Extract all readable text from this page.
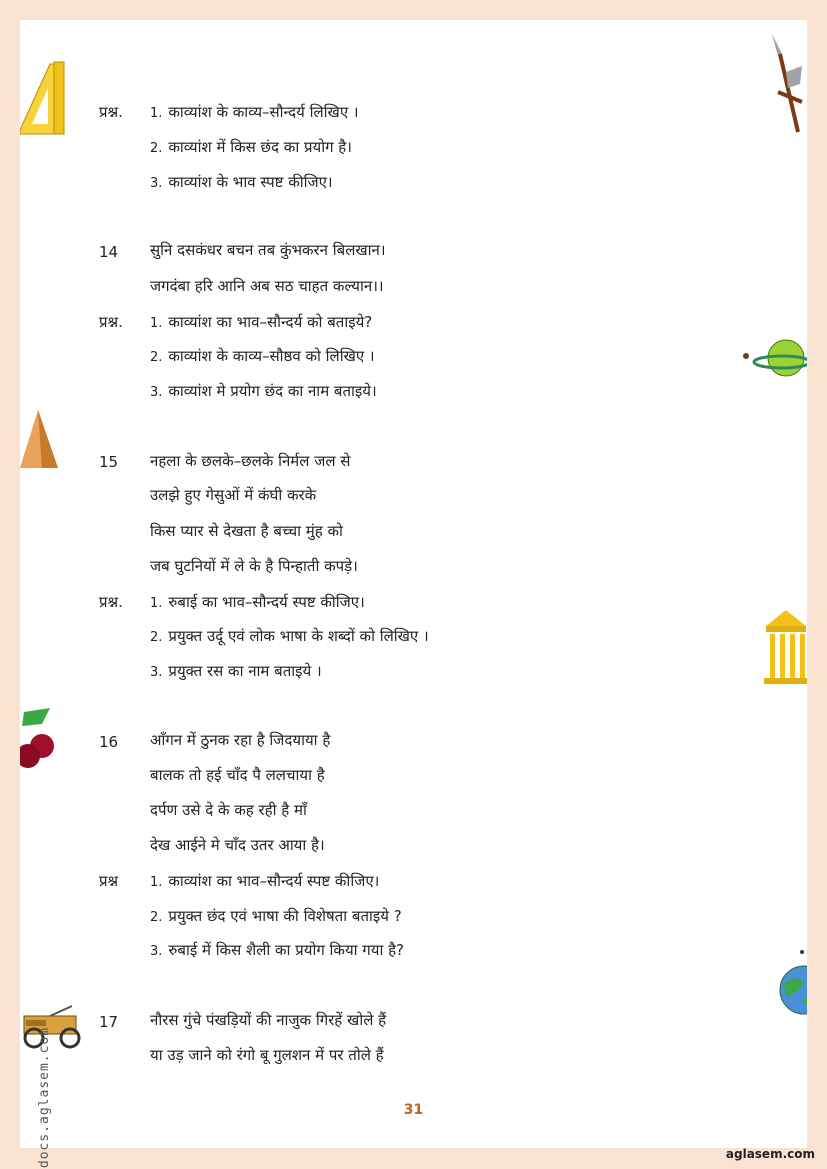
प्रश्न. 1. काव्यांश के काव्य–सौन्दर्य लिखिए ।
2. काव्यांश में किस छंद का प्रयोग है।
3. काव्यांश के भाव स्पष्ट कीजिए।
14 सुनि दसकंधर बचन तब कुंभकरन बिलखान।
जगदंबा हरि आनि अब सठ चाहत कल्यान।।
प्रश्न. 1. काव्यांश का भाव–सौन्दर्य को बताइये?
2. काव्यांश के काव्य–सौष्ठव को लिखिए ।
3. काव्यांश मे प्रयोग छंद का नाम बताइये।
15 नहला के छलके–छलके निर्मल जल से
उलझे हुए गेसुओं में कंघी करके
किस प्यार से देखता है बच्चा मुंह को
जब घुटनियों में ले के है पिन्हाती कपड़े।
प्रश्न. 1. रुबाई का भाव–सौन्दर्य स्पष्ट कीजिए।
2. प्रयुक्त उर्दू एवं लोक भाषा के शब्दों को लिखिए ।
3. प्रयुक्त रस का नाम बताइये ।
16 आँगन में ठुनक रहा है जिदयाया है
बालक तो हई चाँद पै ललचाया है
दर्पण उसे दे के कह रही है माँ
देख आईने मे चाँद उतर आया है।
प्रश्न 1. काव्यांश का भाव–सौन्दर्य स्पष्ट कीजिए।
2. प्रयुक्त छंद एवं भाषा की विशेषता बताइये ?
3. रुबाई में किस शैली का प्रयोग किया गया है?
17 नौरस गुंचे पंखड़ियों की नाजुक गिरहें खोले हैं
या उड़ जाने को रंगो बू गुलशन में पर तोले हैं
docs.aglasem.com	31
aglasem.com
